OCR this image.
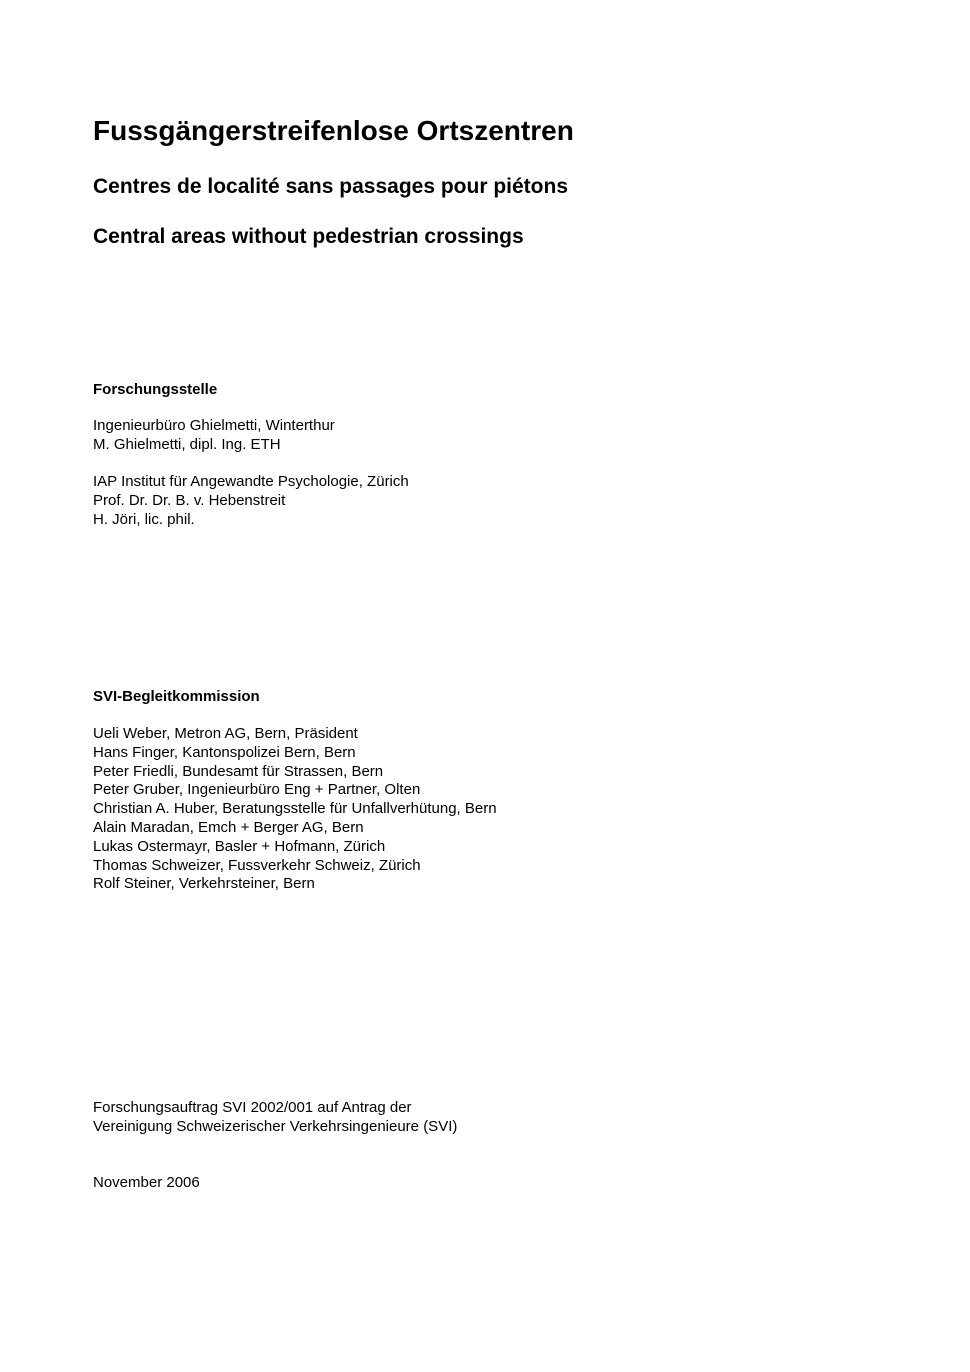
Fussgängerstreifenlose Ortszentren
Centres de localité sans passages pour piétons
Central areas without pedestrian crossings
Forschungsstelle
Ingenieurbüro Ghielmetti, Winterthur
M. Ghielmetti, dipl. Ing. ETH
IAP Institut für Angewandte Psychologie, Zürich
Prof. Dr. Dr. B. v. Hebenstreit
H. Jöri, lic. phil.
SVI-Begleitkommission
Ueli Weber, Metron AG, Bern, Präsident
Hans Finger, Kantonspolizei Bern, Bern
Peter Friedli, Bundesamt für Strassen, Bern
Peter Gruber, Ingenieurbüro Eng + Partner, Olten
Christian A. Huber, Beratungsstelle für Unfallverhütung, Bern
Alain Maradan, Emch + Berger AG, Bern
Lukas Ostermayr, Basler + Hofmann, Zürich
Thomas Schweizer, Fussverkehr Schweiz, Zürich
Rolf Steiner, Verkehrsteiner, Bern
Forschungsauftrag SVI 2002/001 auf Antrag der
Vereinigung Schweizerischer Verkehrsingenieure (SVI)
November 2006
